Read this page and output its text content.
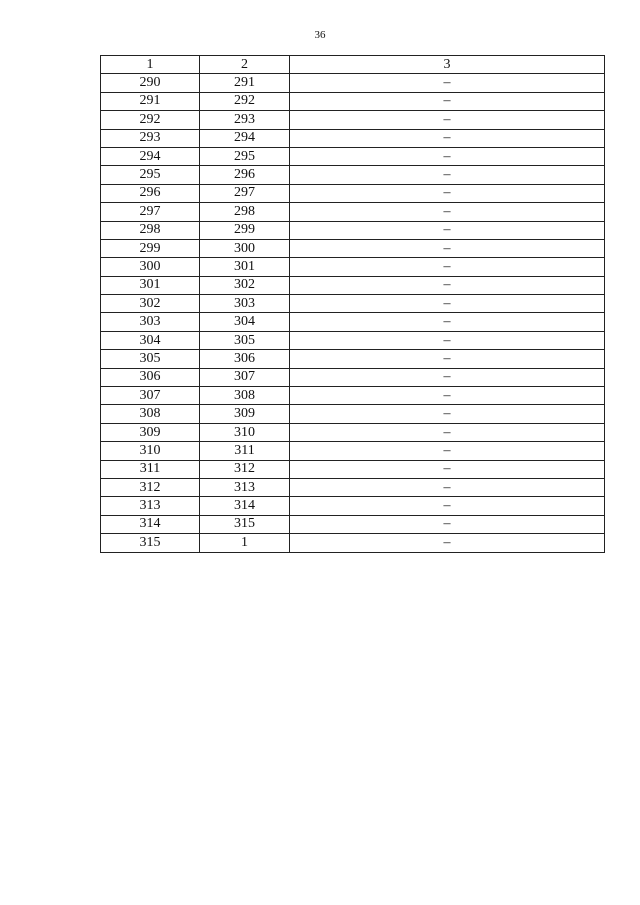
36
1	2	3
290	291	–
291	292	–
292	293	–
293	294	–
294	295	–
295	296	–
296	297	–
297	298	–
298	299	–
299	300	–
300	301	–
301	302	–
302	303	–
303	304	–
304	305	–
305	306	–
306	307	–
307	308	–
308	309	–
309	310	–
310	311	–
311	312	–
312	313	–
313	314	–
314	315	–
315	1	–
